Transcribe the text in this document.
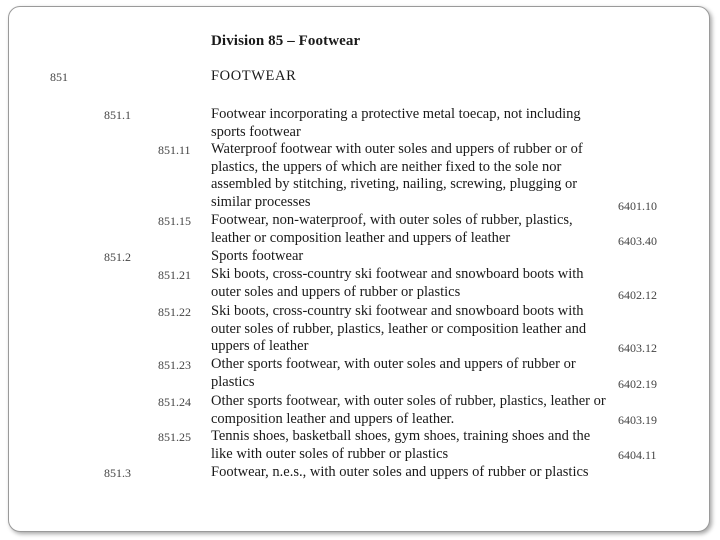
Division 85 – Footwear
851	FOOTWEAR
851.1	Footwear incorporating a protective metal toecap, not including sports footwear
851.11 Waterproof footwear with outer soles and uppers of rubber or of plastics, the uppers of which are neither fixed to the sole nor assembled by stitching, riveting, nailing, screwing, plugging or similar processes	6401.10
851.15 Footwear, non-waterproof, with outer soles of rubber, plastics, leather or composition leather and uppers of leather	6403.40
851.2	Sports footwear
851.21 Ski boots, cross-country ski footwear and snowboard boots with outer soles and uppers of rubber or plastics	6402.12
851.22 Ski boots, cross-country ski footwear and snowboard boots with outer soles of rubber, plastics, leather or composition leather and uppers of leather	6403.12
851.23 Other sports footwear, with outer soles and uppers of rubber or plastics	6402.19
851.24 Other sports footwear, with outer soles of rubber, plastics, leather or composition leather and uppers of leather.	6403.19
851.25 Tennis shoes, basketball shoes, gym shoes, training shoes and the like with outer soles of rubber or plastics	6404.11
851.3	Footwear, n.e.s., with outer soles and uppers of rubber or plastics
